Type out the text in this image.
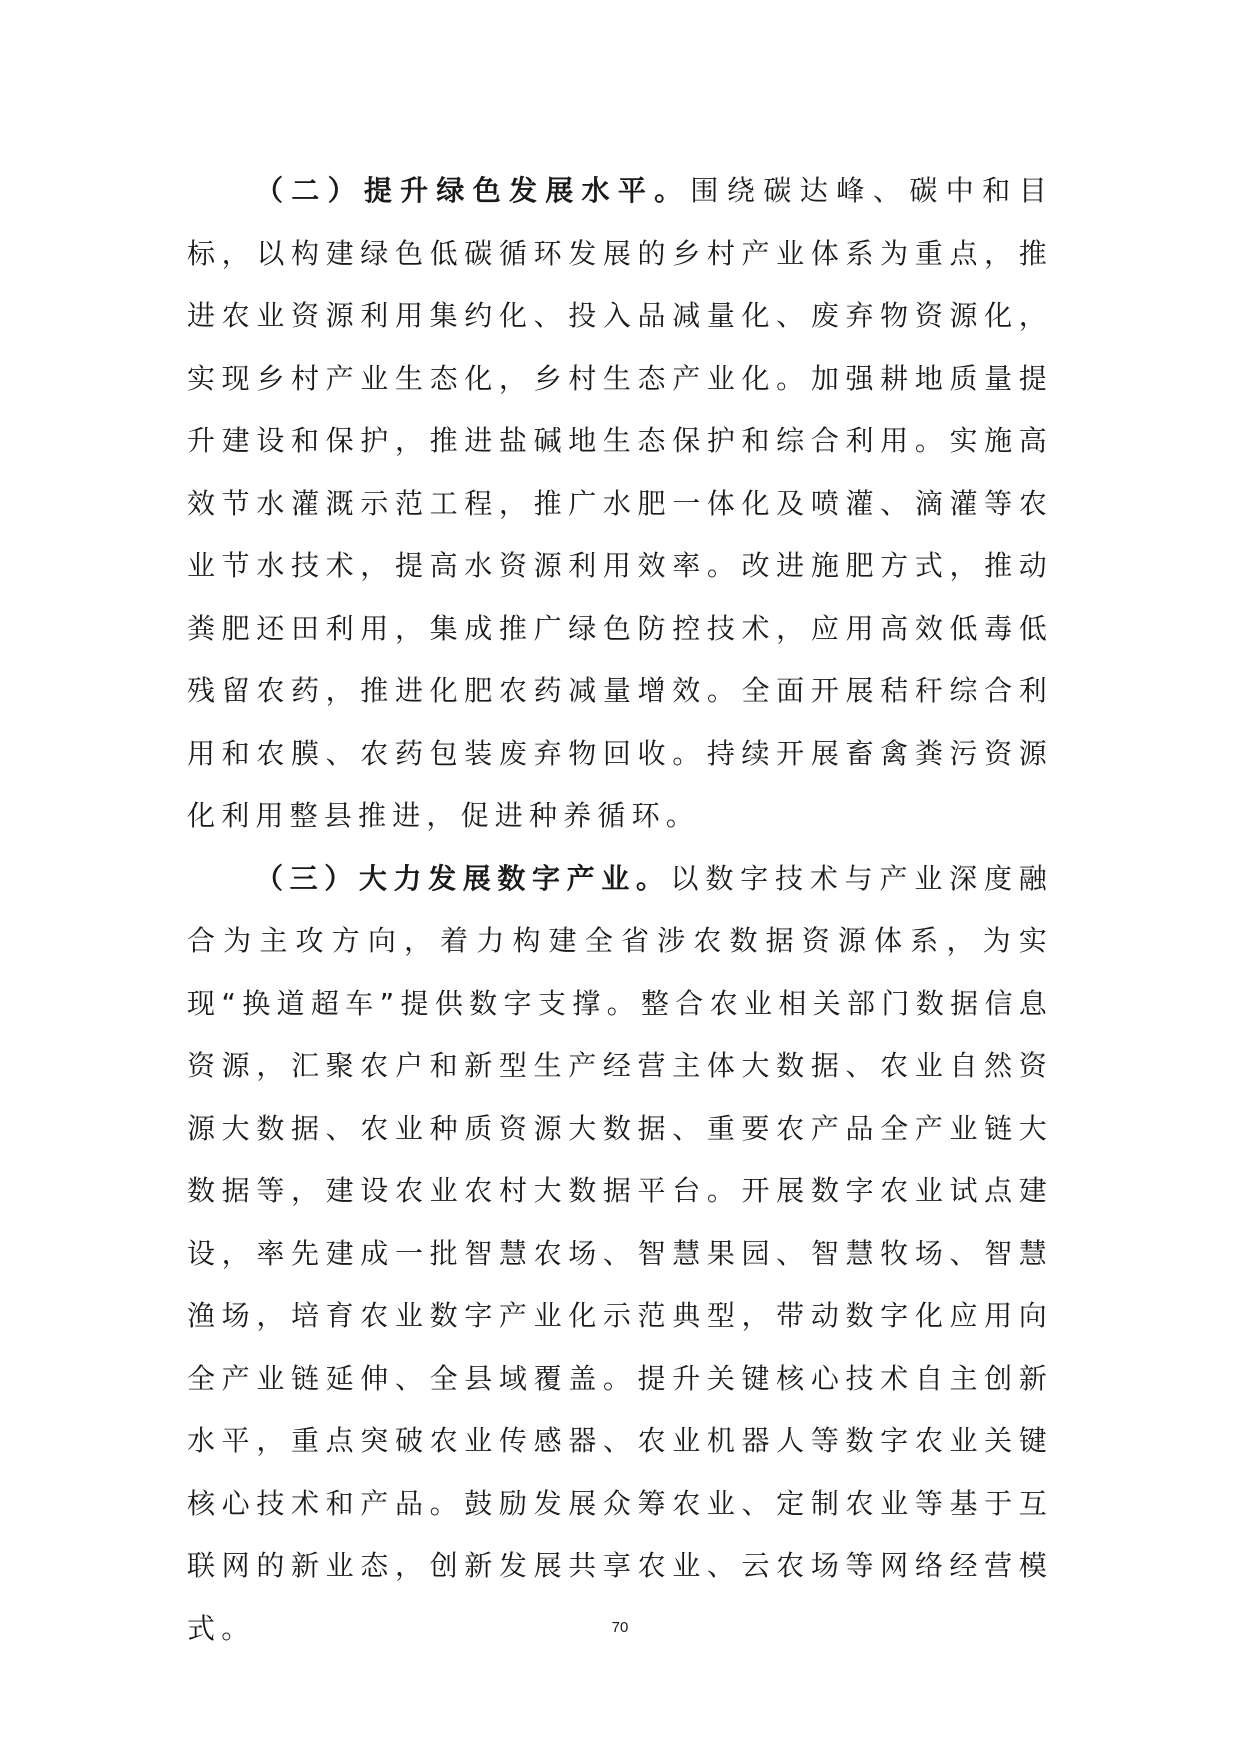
（二）提升绿色发展水平。围绕碳达峰、碳中和目标，以构建绿色低碳循环发展的乡村产业体系为重点，推进农业资源利用集约化、投入品减量化、废弃物资源化，实现乡村产业生态化，乡村生态产业化。加强耕地质量提升建设和保护，推进盐碱地生态保护和综合利用。实施高效节水灌溉示范工程，推广水肥一体化及喷灌、滴灌等农业节水技术，提高水资源利用效率。改进施肥方式，推动粪肥还田利用，集成推广绿色防控技术，应用高效低毒低残留农药，推进化肥农药减量增效。全面开展秸秆综合利用和农膜、农药包装废弃物回收。持续开展畜禽粪污资源化利用整县推进，促进种养循环。

（三）大力发展数字产业。以数字技术与产业深度融合为主攻方向，着力构建全省涉农数据资源体系，为实现“换道超车”提供数字支撑。整合农业相关部门数据信息资源，汇聚农户和新型生产经营主体大数据、农业自然资源大数据、农业种质资源大数据、重要农产品全产业链大数据等，建设农业农村大数据平台。开展数字农业试点建设，率先建成一批智慧农场、智慧果园、智慧牧场、智慧渔场，培育农业数字产业化示范典型，带动数字化应用向全产业链延伸、全县域覆盖。提升关键核心技术自主创新水平，重点突破农业传感器、农业机器人等数字农业关键核心技术和产品。鼓励发展众筹农业、定制农业等基于互联网的新业态，创新发展共享农业、云农场等网络经营模式。	70
